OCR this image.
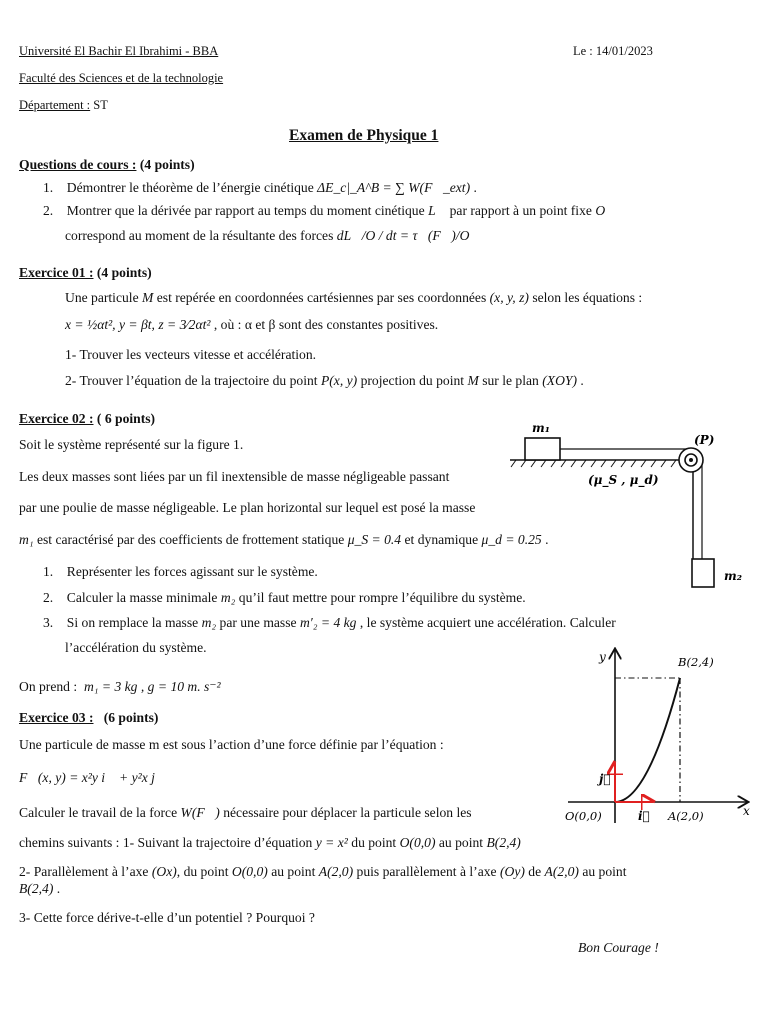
Université El Bachir El Ibrahimi - BBA	Le : 14/01/2023
Faculté des Sciences et de la technologie
Département : ST
Examen de Physique 1
Questions de cours : (4 points)
1. Démontrer le théorème de l’énergie cinétique ΔE_c|_A^B = ∑ W(F⃗_ext) .
2. Montrer que la dérivée par rapport au temps du moment cinétique L⃗ par rapport à un point fixe O
correspond au moment de la résultante des forces dL⃗/O / dt = τ⃗(F⃗)/O
Exercice 01 : (4 points)
Une particule M est repérée en coordonnées cartésiennes par ses coordonnées (x, y, z) selon les équations :
x = ½αt², y = βt, z = 3⁄2αt² , où : α et β sont des constantes positives.
1- Trouver les vecteurs vitesse et accélération.
2- Trouver l’équation de la trajectoire du point P(x, y) projection du point M sur le plan (XOY) .
Exercice 02 : ( 6 points)
Soit le système représenté sur la figure 1.
Les deux masses sont liées par un fil inextensible de masse négligeable passant
par une poulie de masse négligeable. Le plan horizontal sur lequel est posé la masse
m₁ est caractérisé par des coefficients de frottement statique μ_S = 0.4 et dynamique μ_d = 0.25 .
1. Représenter les forces agissant sur le système.
2. Calculer la masse minimale m₂ qu’il faut mettre pour rompre l’équilibre du système.
3. Si on remplace la masse m₂ par une masse m′₂ = 4 kg , le système acquiert une accélération. Calculer
l’accélération du système.
On prend : m₁ = 3 kg , g = 10 m. s⁻²
m₁
(P)
(μ_S , μ_d)
m₂
Exercice 03 : (6 points)
Une particule de masse m est sous l’action d’une force définie par l’équation :
F⃗(x, y) = x²y i⃗ + y²x j⃗
Calculer le travail de la force W(F⃗) nécessaire pour déplacer la particule selon les
chemins suivants : 1- Suivant la trajectoire d’équation y = x² du point O(0,0) au point B(2,4)
2- Parallèlement à l’axe (Ox), du point O(0,0) au point A(2,0) puis parallèlement à l’axe (Oy) de A(2,0) au point
B(2,4) .
3- Cette force dérive-t-elle d’un potentiel ? Pourquoi ?
y
x
B(2,4)
O(0,0)	A(2,0)
i⃗
j⃗
Bon Courage !
